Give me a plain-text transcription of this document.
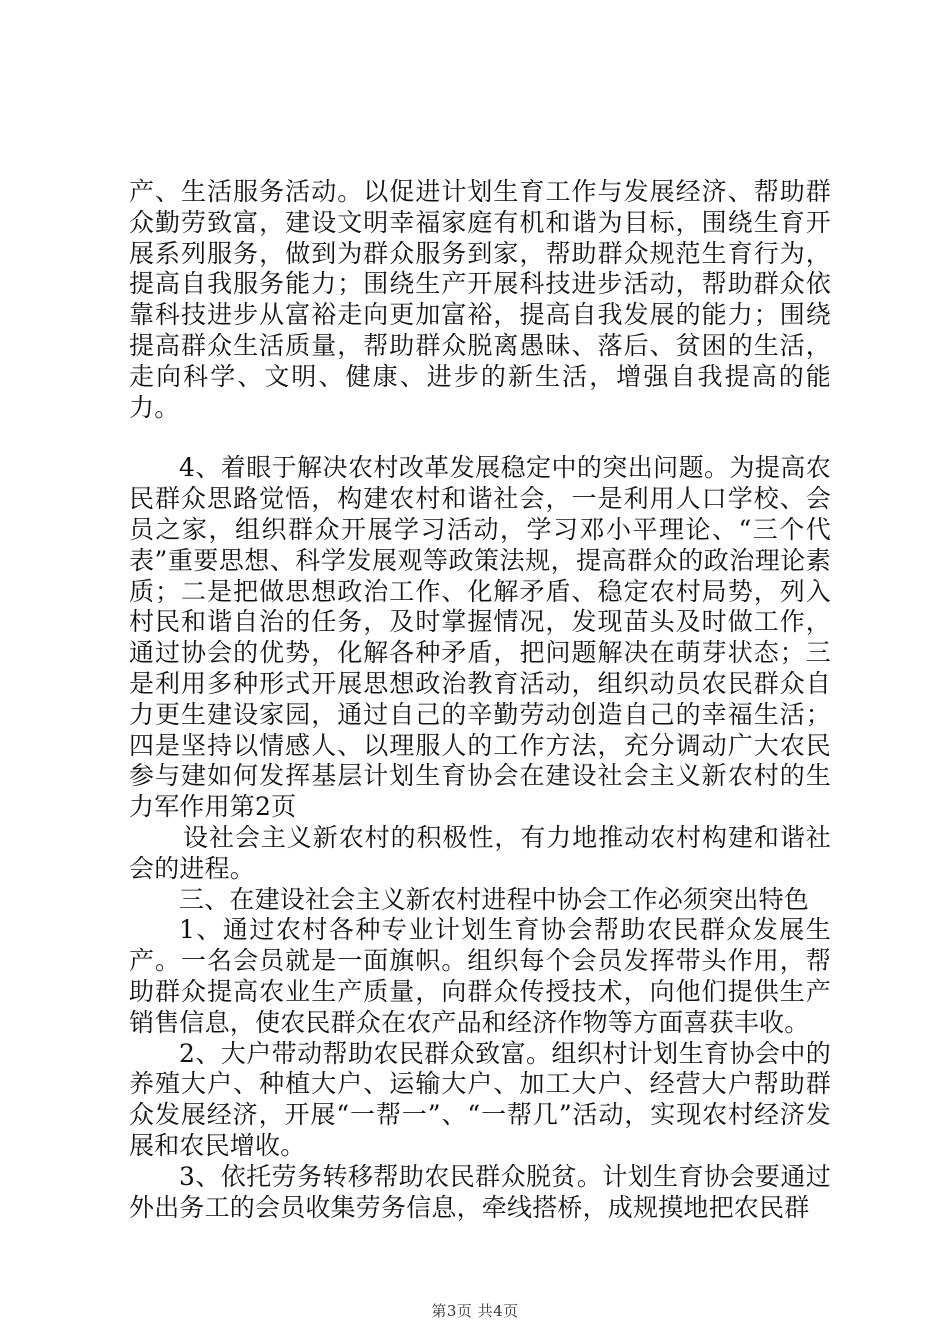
产、生活服务活动。以促进计划生育工作与发展经济、帮助群众勤劳致富，建设文明幸福家庭有机和谐为目标，围绕生育开展系列服务，做到为群众服务到家，帮助群众规范生育行为，提高自我服务能力；围绕生产开展科技进步活动，帮助群众依靠科技进步从富裕走向更加富裕，提高自我发展的能力；围绕提高群众生活质量，帮助群众脱离愚昧、落后、贫困的生活，走向科学、文明、健康、进步的新生活，增强自我提高的能力。

4、着眼于解决农村改革发展稳定中的突出问题。为提高农民群众思路觉悟，构建农村和谐社会，一是利用人口学校、会员之家，组织群众开展学习活动，学习邓小平理论、“三个代表”重要思想、科学发展观等政策法规，提高群众的政治理论素质；二是把做思想政治工作、化解矛盾、稳定农村局势，列入村民和谐自治的任务，及时掌握情况，发现苗头及时做工作，通过协会的优势，化解各种矛盾，把问题解决在萌芽状态；三是利用多种形式开展思想政治教育活动，组织动员农民群众自力更生建设家园，通过自己的辛勤劳动创造自己的幸福生活；四是坚持以情感人、以理服人的工作方法，充分调动广大农民参与建如何发挥基层计划生育协会在建设社会主义新农村的生力军作用第2页

设社会主义新农村的积极性，有力地推动农村构建和谐社会的进程。

三、在建设社会主义新农村进程中协会工作必须突出特色

1、通过农村各种专业计划生育协会帮助农民群众发展生产。一名会员就是一面旗帜。组织每个会员发挥带头作用，帮助群众提高农业生产质量，向群众传授技术，向他们提供生产销售信息，使农民群众在农产品和经济作物等方面喜获丰收。

2、大户带动帮助农民群众致富。组织村计划生育协会中的养殖大户、种植大户、运输大户、加工大户、经营大户帮助群众发展经济，开展“一帮一”、“一帮几”活动，实现农村经济发展和农民增收。

3、依托劳务转移帮助农民群众脱贫。计划生育协会要通过外出务工的会员收集劳务信息，牵线搭桥，成规摸地把农民群

第3页 共4页
